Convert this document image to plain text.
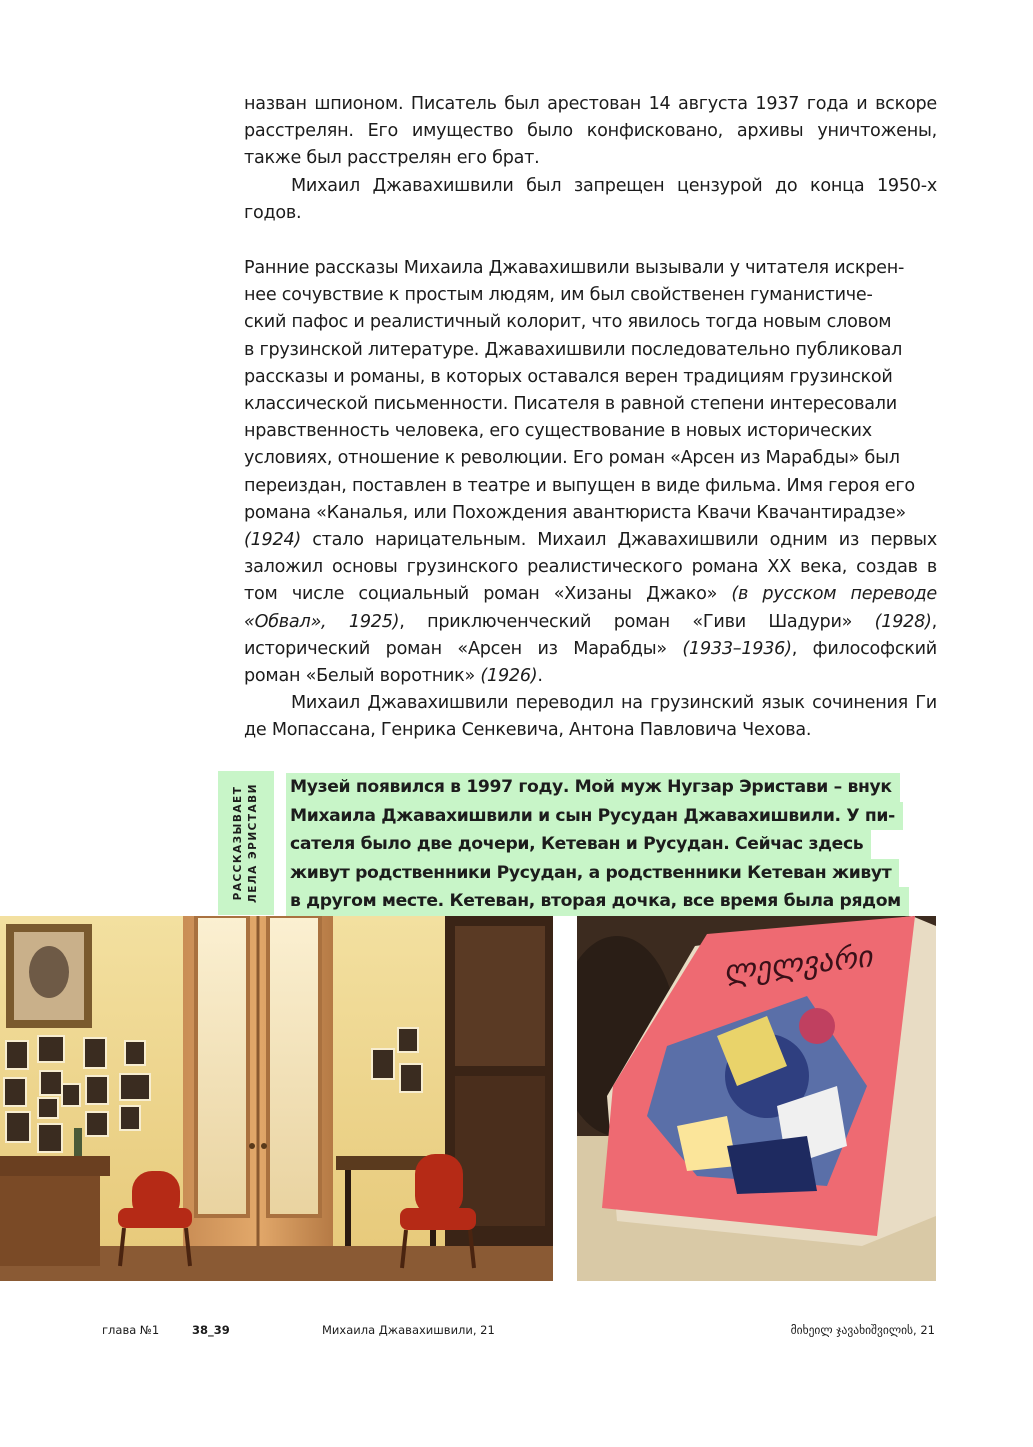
назван шпионом. Писатель был арестован 14 августа 1937 года и вскоре расстрелян. Его имущество было конфисковано, архивы уничтожены, также был расстрелян его брат.

Михаил Джавахишвили был запрещен цензурой до конца 1950-х годов.

Ранние рассказы Михаила Джавахишвили вызывали у читателя искрен-
нее сочувствие к простым людям, им был свойственен гуманистиче-
ский пафос и реалистичный колорит, что явилось тогда новым словом
в грузинской литературе. Джавахишвили последовательно публиковал
рассказы и романы, в которых оставался верен традициям грузинской
классической письменности. Писателя в равной степени интересовали
нравственность человека, его существование в новых исторических
условиях, отношение к революции. Его роман «Арсен из Марабды» был
переиздан, поставлен в театре и выпущен в виде фильма. Имя героя его
романа «Каналья, или Похождения авантюриста Квачи Квачантирадзе»

(1924) стало нарицательным. Михаил Джавахишвили одним из первых заложил основы грузинского реалистического романа XX века, создав в том числе социальный роман «Хизаны Джако» (в русском переводе «Обвал», 1925), приключенческий роман «Гиви Шадури» (1928), исторический роман «Арсен из Марабды» (1933–1936), философский роман «Белый воротник» (1926).

Михаил Джавахишвили переводил на грузинский язык сочинения Ги де Мопассана, Генрика Сенкевича, Антона Павловича Чехова.

РАССКАЗЫВАЕТ ЛЕЛА ЭРИСТАВИ Музей появился в 1997 году. Мой муж Нугзар Эристави – внук
Михаила Джавахишвили и сын Русудан Джавахишвили. У пи-
сателя было две дочери, Кетеван и Русудан. Сейчас здесь
живут родственники Русудан, а родственники Кетеван живут
в другом месте. Кетеван, вторая дочка, все время была рядом
ლელვარი
глава №1	38_39	Михаила Джавахишвили, 21	მიხეილ ჯავახიშვილის, 21
